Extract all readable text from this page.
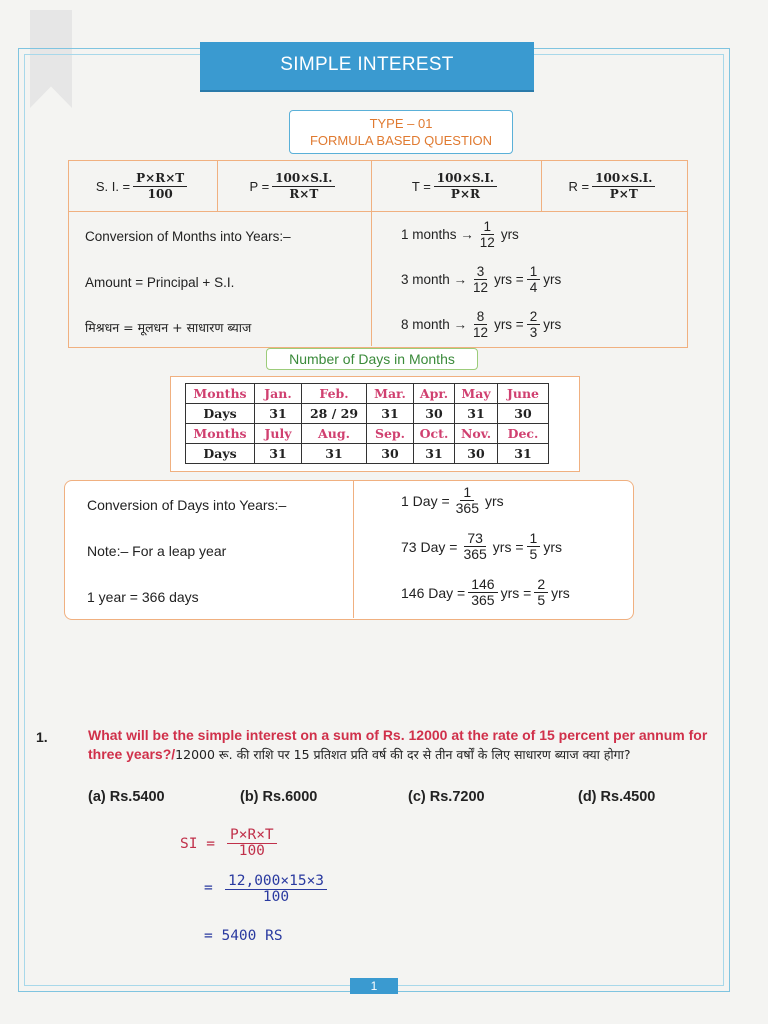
SIMPLE INTEREST
TYPE – 01
FORMULA BASED QUESTION
S. I. = $\frac{P\times R\times T}{100}$	$P = \frac{100\times S.I.}{R\times T}$	$T = \frac{100\times S.I.}{P\times R}$	$R = \frac{100\times S.I.}{P\times T}$
Conversion of Months into Years:–
Amount = Principal + S.I.
मिश्रधन = मूलधन + साधारण ब्याज
1 months → $\frac{1}{12}$ yrs
3 month → $\frac{3}{12}$ yrs = $\frac{1}{4}$ yrs
8 month → $\frac{8}{12}$ yrs = $\frac{2}{3}$ yrs
Number of Days in Months
Months	Jan.	Feb.	Mar.	Apr.	May	June
Days	31	28 / 29	31	30	31	30
Months	July	Aug.	Sep.	Oct.	Nov.	Dec.
Days	31	31	30	31	30	31
Conversion of Days into Years:–
Note:– For a leap year
1 year = 366 days
1 Day = $\frac{1}{365}$ yrs
73 Day = $\frac{73}{365}$ yrs = $\frac{1}{5}$ yrs
146 Day = $\frac{146}{365}$ yrs = $\frac{2}{5}$ yrs
1.	What will be the simple interest on a sum of Rs. 12000 at the rate of 15 percent per annum for three years?/12000 रू. की राशि पर 15 प्रतिशत प्रति वर्ष की दर से तीन वर्षों के लिए साधारण ब्याज क्या होगा?
(a) Rs.5400	(b) Rs.6000	(c) Rs.7200	(d) Rs.4500
SI = $\frac{P\times R\times T}{100}$
= $\frac{12,000\times 15\times 3}{100}$
= 5400 RS
1
